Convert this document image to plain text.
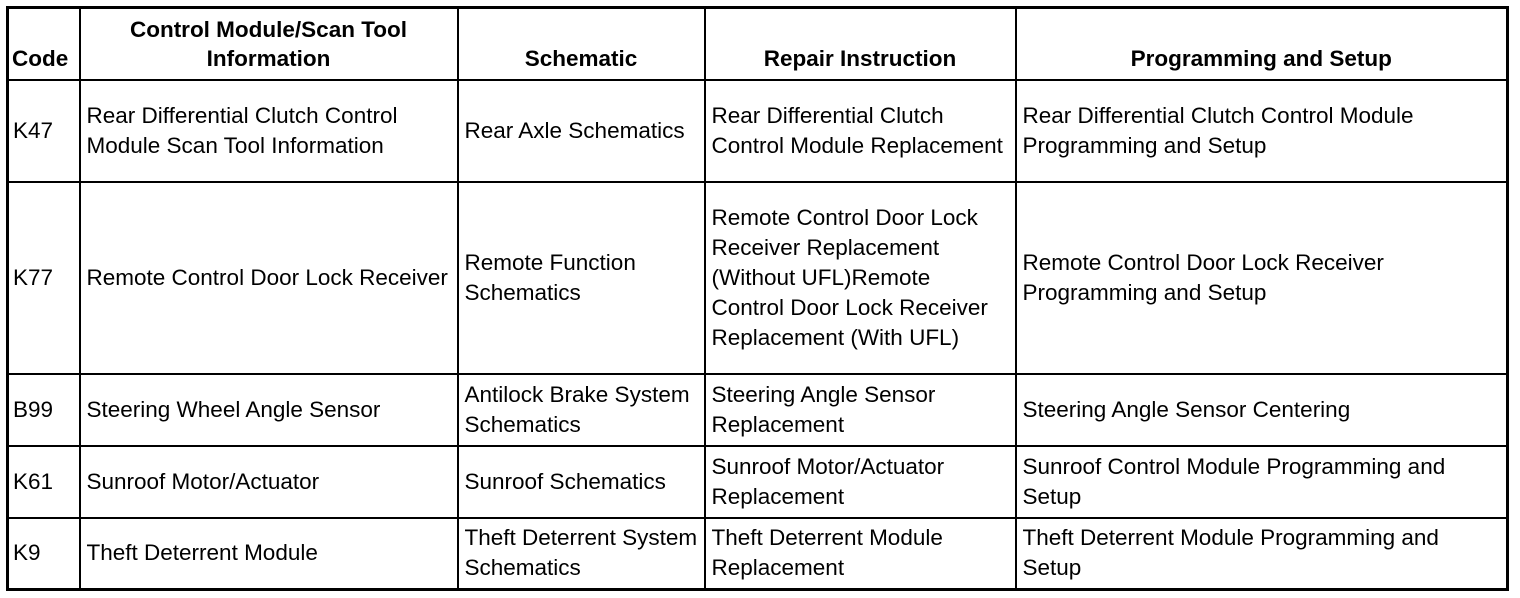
Code	Control Module/Scan Tool Information	Schematic	Repair Instruction	Programming and Setup
K47	Rear Differential Clutch Control Module Scan Tool Information	Rear Axle Schematics	Rear Differential Clutch Control Module Replacement	Rear Differential Clutch Control Module Programming and Setup
K77	Remote Control Door Lock Receiver	Remote Function Schematics	Remote Control Door Lock Receiver Replacement (Without UFL)Remote Control Door Lock Receiver Replacement (With UFL)	Remote Control Door Lock Receiver Programming and Setup
B99	Steering Wheel Angle Sensor	Antilock Brake System Schematics	Steering Angle Sensor Replacement	Steering Angle Sensor Centering
K61	Sunroof Motor/Actuator	Sunroof Schematics	Sunroof Motor/Actuator Replacement	Sunroof Control Module Programming and Setup
K9	Theft Deterrent Module	Theft Deterrent System Schematics	Theft Deterrent Module Replacement	Theft Deterrent Module Programming and Setup
